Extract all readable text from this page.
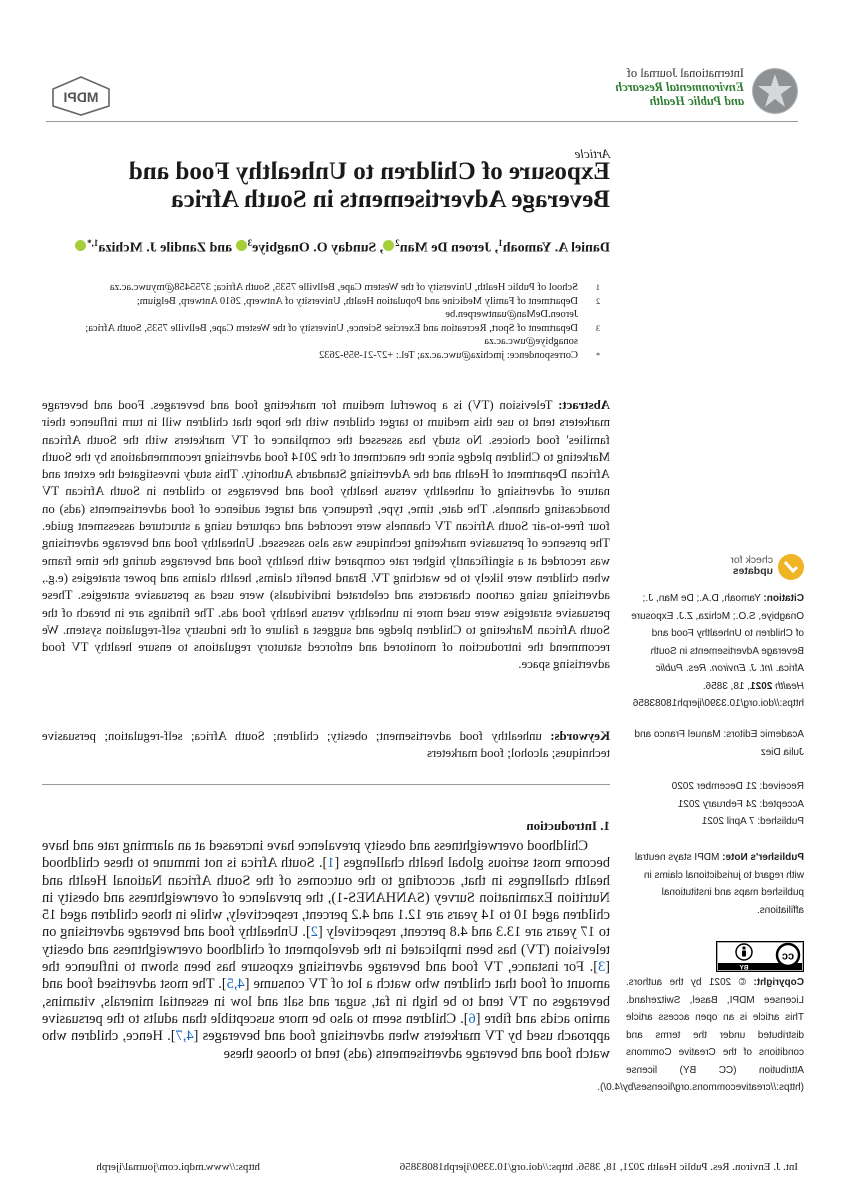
International Journal of
Environmental Research
and Public Health
MDPI
Article
Exposure of Children to Unhealthy Food and Beverage Advertisements in South Africa
Daniel A. Yamoah$^1$, Jeroen De Man$^2$, Sunday O. Onagbiye$^3$ and Zandile J. Mchiza$^{1,*}$
1
School of Public Health, University of the Western Cape, Bellville 7535, South Africa; 3755458@myuwc.ac.za
2
Department of Family Medicine and Population Health, University of Antwerp, 2610 Antwerp, Belgium; Jeroen.DeMan@uantwerpen.be
3
Department of Sport, Recreation and Exercise Science, University of the Western Cape, Bellville 7535, South Africa; sonagbiye@uwc.ac.za
*
Correspondence: jmchiza@uwc.ac.za; Tel.: +27-21-959-2632
Abstract: Television (TV) is a powerful medium for marketing food and beverages. Food and beverage marketers tend to use this medium to target children with the hope that children will in turn influence their families' food choices. No study has assessed the compliance of TV marketers with the South African Marketing to Children pledge since the enactment of the 2014 food advertising recommendations by the South African Department of Health and the Advertising Standards Authority. This study investigated the extent and nature of advertising of unhealthy versus healthy food and beverages to children in South African TV broadcasting channels. The date, time, type, frequency and target audience of food advertisements (ads) on four free-to-air South African TV channels were recorded and captured using a structured assessment guide. The presence of persuasive marketing techniques was also assessed. Unhealthy food and beverage advertising was recorded at a significantly higher rate compared with healthy food and beverages during the time frame when children were likely to be watching TV. Brand benefit claims, health claims and power strategies (e.g., advertising using cartoon characters and celebrated individuals) were used as persuasive strategies. These persuasive strategies were used more in unhealthy versus healthy food ads. The findings are in breach of the South African Marketing to Children pledge and suggest a failure of the industry self-regulation system. We recommend the introduction of monitored and enforced statutory regulations to ensure healthy TV food advertising space.
Keywords: unhealthy food advertisement; obesity; children; South Africa; self-regulation; persuasive techniques; alcohol; food marketers
1. Introduction
Childhood overweightness and obesity prevalence have increased at an alarming rate and have become most serious global health challenges [1]. South Africa is not immune to these childhood health challenges in that, according to the outcomes of the South African National Health and Nutrition Examination Survey (SANHANES-1), the prevalence of overweightness and obesity in children aged 10 to 14 years are 12.1 and 4.2 percent, respectively, while in those children aged 15 to 17 years are 13.3 and 4.8 percent, respectively [2]. Unhealthy food and beverage advertising on television (TV) has been implicated in the development of childhood overweightness and obesity [3]. For instance, TV food and beverage advertising exposure has been shown to influence the amount of food that children who watch a lot of TV consume [4,5]. The most advertised food and beverages on TV tend to be high in fat, sugar and salt and low in essential minerals, vitamins, amino acids and fibre [6]. Children seem to also be more susceptible than adults to the persuasive approach used by TV marketers when advertising food and beverages [4,7]. Hence, children who watch food and beverage advertisements (ads) tend to choose these
check for
updates
Citation: Yamoah, D.A.; De Man, J.; Onagbiye, S.O.; Mchiza, Z.J. Exposure of Children to Unhealthy Food and Beverage Advertisements in South Africa. Int. J. Environ. Res. Public Health 2021, 18, 3856. https://doi.org/10.3390/ijerph18083856
Academic Editors: Manuel Franco and Julia Diez
Received: 21 December 2020
Accepted: 24 February 2021
Published: 7 April 2021
Publisher's Note: MDPI stays neutral with regard to jurisdictional claims in published maps and institutional affiliations.
cc
BY
Copyright: © 2021 by the authors. Licensee MDPI, Basel, Switzerland. This article is an open access article distributed under the terms and conditions of the Creative Commons Attribution (CC BY) license (https://creativecommons.org/licenses/by/4.0/).
Int. J. Environ. Res. Public Health 2021, 18, 3856. https://doi.org/10.3390/ijerph18083856
https://www.mdpi.com/journal/ijerph
